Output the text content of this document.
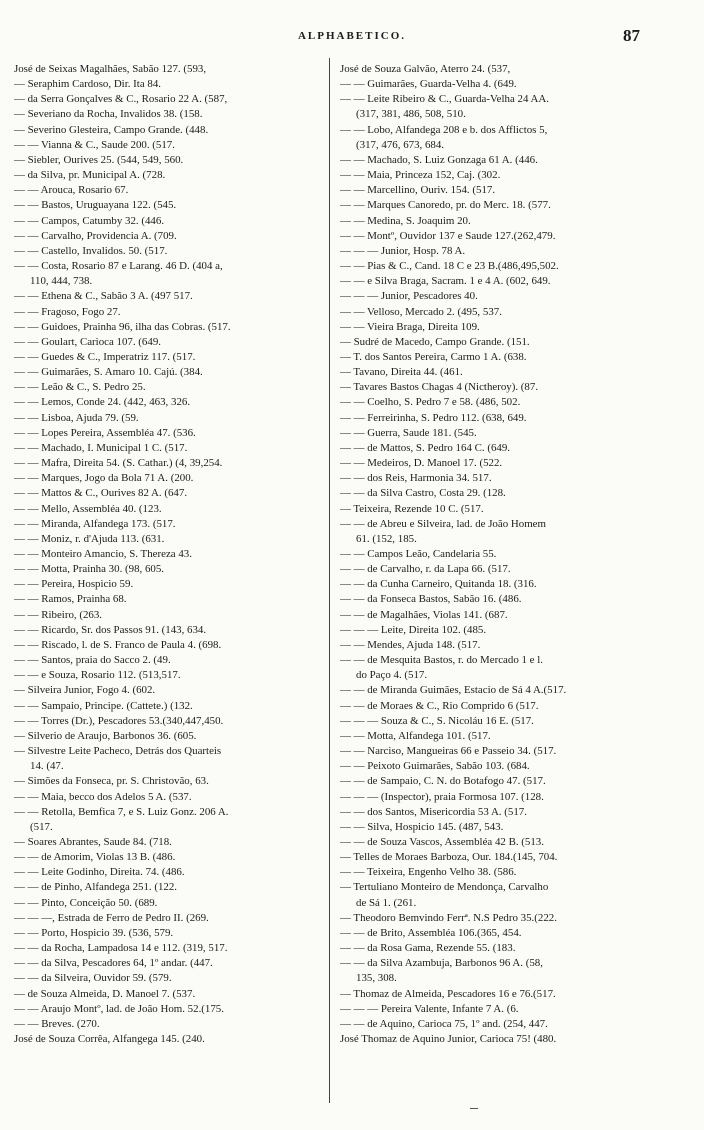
ALPHABETICO.	87
José de Seixas Magalhães, Sabão 127. (593,
— Seraphim Cardoso, Dir. Ita 84.
— da Serra Gonçalves & C., Rosario 22 A. (587,
— Severiano da Rocha, Invalidos 38. (158.
— Severino Glesteira, Campo Grande. (448.
— — Vianna & C., Saude 200. (517.
— Siebler, Ourives 25. (544, 549, 560.
— da Silva, pr. Municipal A. (728.
— — Arouca, Rosario 67.
— — Bastos, Uruguayana 122. (545.
— — Campos, Catumby 32. (446.
— — Carvalho, Providencia A. (709.
— — Castello, Invalidos. 50. (517.
— — Costa, Rosario 87 e Larang. 46 D. (404 a,
110, 444, 738.
— — Ethena & C., Sabão 3 A. (497 517.
— — Fragoso, Fogo 27.
— — Guidoes, Prainha 96, ilha das Cobras. (517.
— — Goulart, Carioca 107. (649.
— — Guedes & C., Imperatriz 117. (517.
— — Guimarães, S. Amaro 10. Cajú. (384.
— — Leão & C., S. Pedro 25.
— — Lemos, Conde 24. (442, 463, 326.
— — Lisboa, Ajuda 79. (59.
— — Lopes Pereira, Assembléa 47. (536.
— — Machado, I. Municipal 1 C. (517.
— — Mafra, Direita 54. (S. Cathar.) (4, 39,254.
— — Marques, Jogo da Bola 71 A. (200.
— — Mattos & C., Ourives 82 A. (647.
— — Mello, Assembléa 40. (123.
— — Miranda, Alfandega 173. (517.
— — Moniz, r. d'Ajuda 113. (631.
— — Monteiro Amancio, S. Thereza 43.
— — Motta, Prainha 30. (98, 605.
— — Pereira, Hospicio 59.
— — Ramos, Prainha 68.
— — Ribeiro, (263.
— — Ricardo, Sr. dos Passos 91. (143, 634.
— — Riscado, l. de S. Franco de Paula 4. (698.
— — Santos, praia do Sacco 2. (49.
— — e Souza, Rosario 112. (513,517.
— Silveira Junior, Fogo 4. (602.
— — Sampaio, Principe. (Cattete.) (132.
— — Torres (Dr.), Pescadores 53.(340,447,450.
— Silverio de Araujo, Barbonos 36. (605.
— Silvestre Leite Pacheco, Detrás dos Quarteis
14. (47.
— Simões da Fonseca, pr. S. Christovão, 63.
— — Maia, becco dos Adelos 5 A. (537.
— — Retolla, Bemfica 7, e S. Luiz Gonz. 206 A.
(517.
— Soares Abrantes, Saude 84. (718.
— — de Amorim, Violas 13 B. (486.
— — Leite Godinho, Direita. 74. (486.
— — de Pinho, Alfandega 251. (122.
— — Pinto, Conceição 50. (689.
— — —, Estrada de Ferro de Pedro II. (269.
— — Porto, Hospicio 39. (536, 579.
— — da Rocha, Lampadosa 14 e 112. (319, 517.
— — da Silva, Pescadores 64, 1º andar. (447.
— — da Silveira, Ouvidor 59. (579.
— de Souza Almeida, D. Manoel 7. (537.
— — Araujo Montº, lad. de João Hom. 52.(175.
— — Breves. (270.
José de Souza Corrêa, Alfangega 145. (240.
José de Souza Galvão, Aterro 24. (537,
— — Guimarães, Guarda-Velha 4. (649.
— — Leite Ribeiro & C., Guarda-Velha 24 AA.
(317, 381, 486, 508, 510.
— — Lobo, Alfandega 208 e b. dos Afflictos 5,
(317, 476, 673, 684.
— — Machado, S. Luiz Gonzaga 61 A. (446.
— — Maia, Princeza 152, Caj. (302.
— — Marcellino, Ouriv. 154. (517.
— — Marques Canoredo, pr. do Merc. 18. (577.
— — Medina, S. Joaquim 20.
— — Montº, Ouvidor 137 e Saude 127.(262,479.
— — — Junior, Hosp. 78 A.
— — Pias & C., Cand. 18 C e 23 B.(486,495,502.
— — e Silva Braga, Sacram. 1 e 4 A. (602, 649.
— — — Junior, Pescadores 40.
— — Velloso, Mercado 2. (495, 537.
— — Vieira Braga, Direita 109.
— Sudré de Macedo, Campo Grande. (151.
— T. dos Santos Pereira, Carmo 1 A. (638.
— Tavano, Direita 44. (461.
— Tavares Bastos Chagas 4 (Nictheroy). (87.
— — Coelho, S. Pedro 7 e 58. (486, 502.
— — Ferreirinha, S. Pedro 112. (638, 649.
— — Guerra, Saude 181. (545.
— — de Mattos, S. Pedro 164 C. (649.
— — Medeiros, D. Manoel 17. (522.
— — dos Reis, Harmonia 34. 517.
— — da Silva Castro, Costa 29. (128.
— Teixeira, Rezende 10 C. (517.
— — de Abreu e Silveira, lad. de João Homem
61. (152, 185.
— — Campos Leão, Candelaria 55.
— — de Carvalho, r. da Lapa 66. (517.
— — da Cunha Carneiro, Quitanda 18. (316.
— — da Fonseca Bastos, Sabão 16. (486.
— — de Magalhães, Violas 141. (687.
— — — Leite, Direita 102. (485.
— — Mendes, Ajuda 148. (517.
— — de Mesquita Bastos, r. do Mercado 1 e l.
do Paço 4. (517.
— — de Miranda Guimães, Estacio de Sá 4 A.(517.
— — de Moraes & C., Rio Comprido 6 (517.
— — — Souza & C., S. Nicoláu 16 E. (517.
— — Motta, Alfandega 101. (517.
— — Narciso, Mangueiras 66 e Passeio 34. (517.
— — Peixoto Guimarães, Sabão 103. (684.
— — de Sampaio, C. N. do Botafogo 47. (517.
— — — (Inspector), praia Formosa 107. (128.
— — dos Santos, Misericordia 53 A. (517.
— — Silva, Hospicio 145. (487, 543.
— — de Souza Vascos, Assembléa 42 B. (513.
— Telles de Moraes Barboza, Our. 184.(145, 704.
— — Teixeira, Engenho Velho 38. (586.
— Tertuliano Monteiro de Mendonça, Carvalho
de Sá 1. (261.
— Theodoro Bemvindo Ferrª. N.S Pedro 35.(222.
— — de Brito, Assembléa 106.(365, 454.
— — da Rosa Gama, Rezende 55. (183.
— — da Silva Azambuja, Barbonos 96 A. (58,
135, 308.
— Thomaz de Almeida, Pescadores 16 e 76.(517.
— — — Pereira Valente, Infante 7 A. (6.
— — de Aquino, Carioca 75, 1º and. (254, 447.
José Thomaz de Aquino Junior, Carioca 75! (480.
